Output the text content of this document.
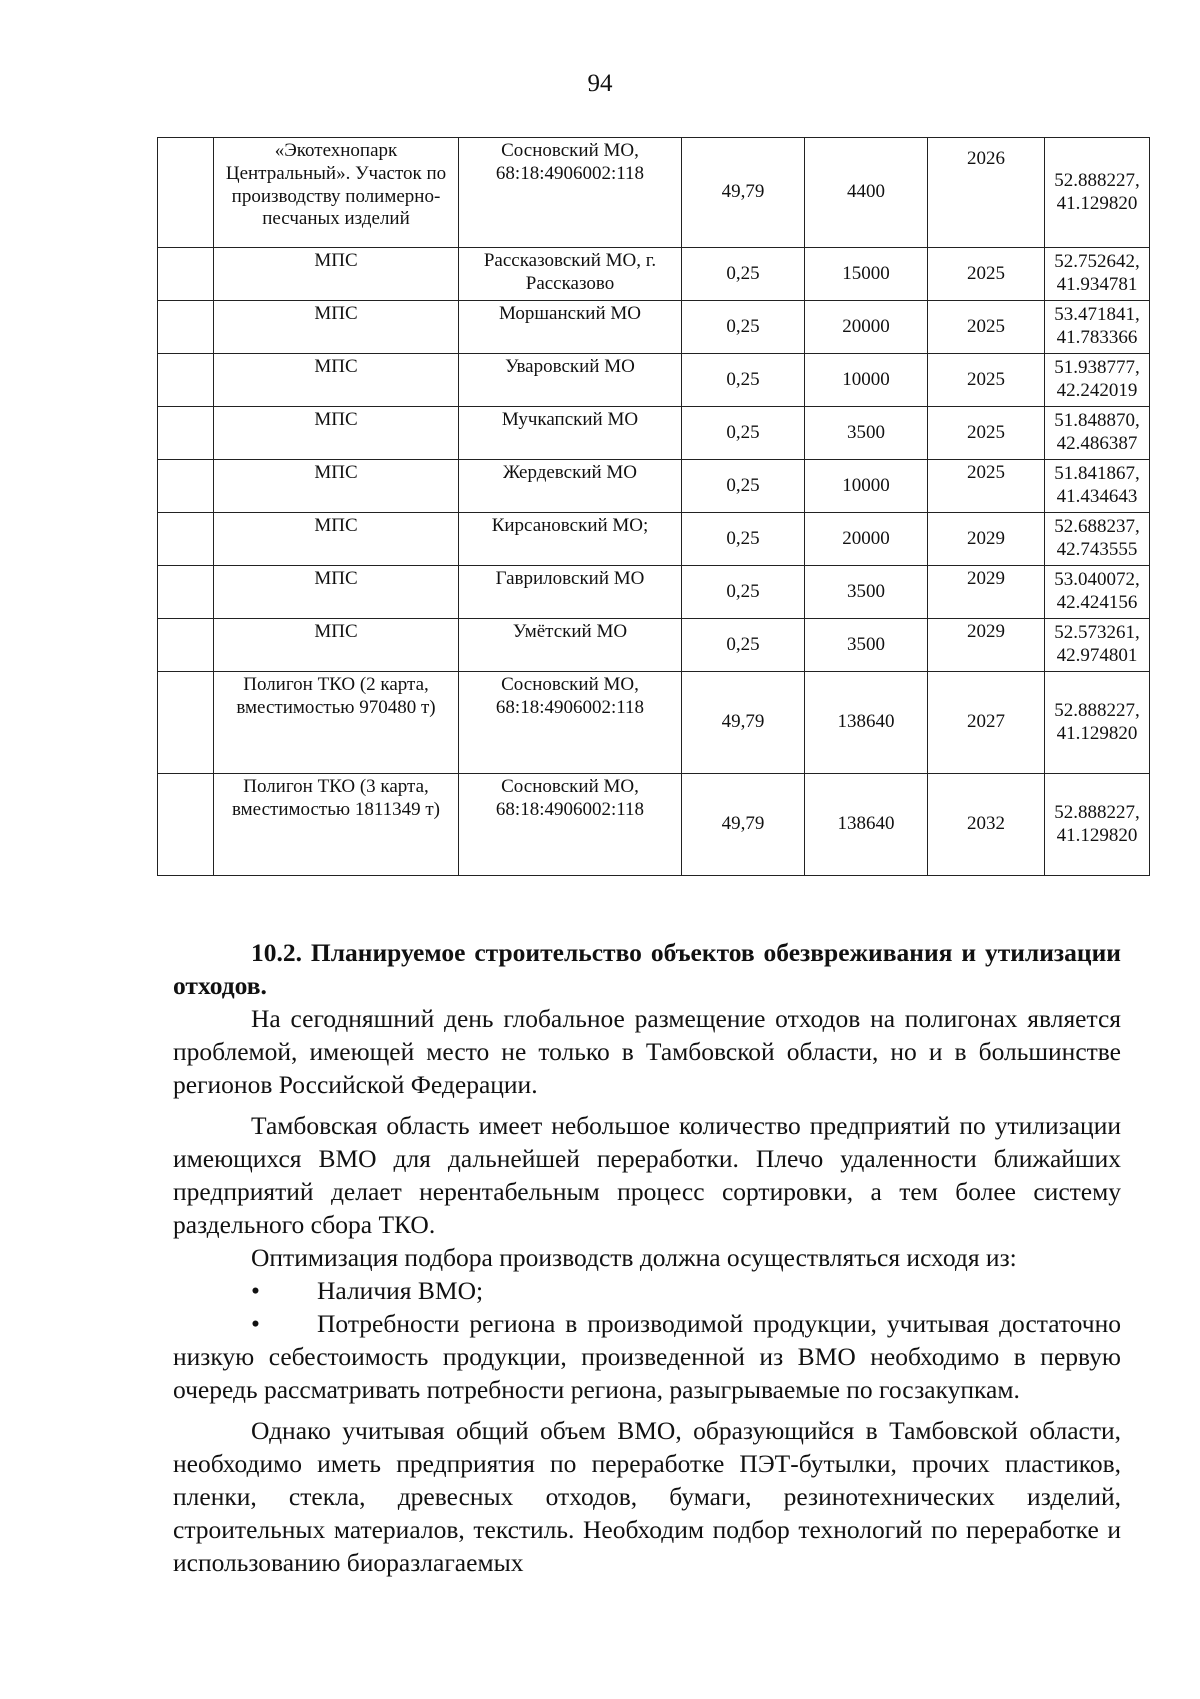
94
	«Экотехнопарк Центральный». Участок по производству полимерно-песчаных изделий	Сосновский МО, 68:18:4906002:118	49,79	4400	2026	52.888227, 41.129820
	МПС	Рассказовский МО, г. Рассказово	0,25	15000	2025	52.752642, 41.934781
	МПС	Моршанский МО	0,25	20000	2025	53.471841, 41.783366
	МПС	Уваровский МО	0,25	10000	2025	51.938777, 42.242019
	МПС	Мучкапский МО	0,25	3500	2025	51.848870, 42.486387
	МПС	Жердевский МО	0,25	10000	2025	51.841867, 41.434643
	МПС	Кирсановский МО;	0,25	20000	2029	52.688237, 42.743555
	МПС	Гавриловский МО	0,25	3500	2029	53.040072, 42.424156
	МПС	Умётский МО	0,25	3500	2029	52.573261, 42.974801
	Полигон ТКО (2 карта, вместимостью 970480 т)	Сосновский МО, 68:18:4906002:118	49,79	138640	2027	52.888227, 41.129820
	Полигон ТКО (3 карта, вместимостью 1811349 т)	Сосновский МО, 68:18:4906002:118	49,79	138640	2032	52.888227, 41.129820
10.2. Планируемое строительство объектов обезвреживания и утилизации отходов.

На сегодняшний день глобальное размещение отходов на полигонах является проблемой, имеющей место не только в Тамбовской области, но и в большинстве регионов Российской Федерации.

Тамбовская область имеет небольшое количество предприятий по утилизации имеющихся ВМО для дальнейшей переработки. Плечо удаленности ближайших предприятий делает нерентабельным процесс сортировки, а тем более систему раздельного сбора ТКО.

Оптимизация подбора производств должна осуществляться исходя из:

• Наличия ВМО;

• Потребности региона в производимой продукции, учитывая достаточно низкую себестоимость продукции, произведенной из ВМО необходимо в первую очередь рассматривать потребности региона, разыгрываемые по госзакупкам.

Однако учитывая общий объем ВМО, образующийся в Тамбовской области, необходимо иметь предприятия по переработке ПЭТ-бутылки, прочих пластиков, пленки, стекла, древесных отходов, бумаги, резинотехнических изделий, строительных материалов, текстиль. Необходим подбор технологий по переработке и использованию биоразлагаемых
